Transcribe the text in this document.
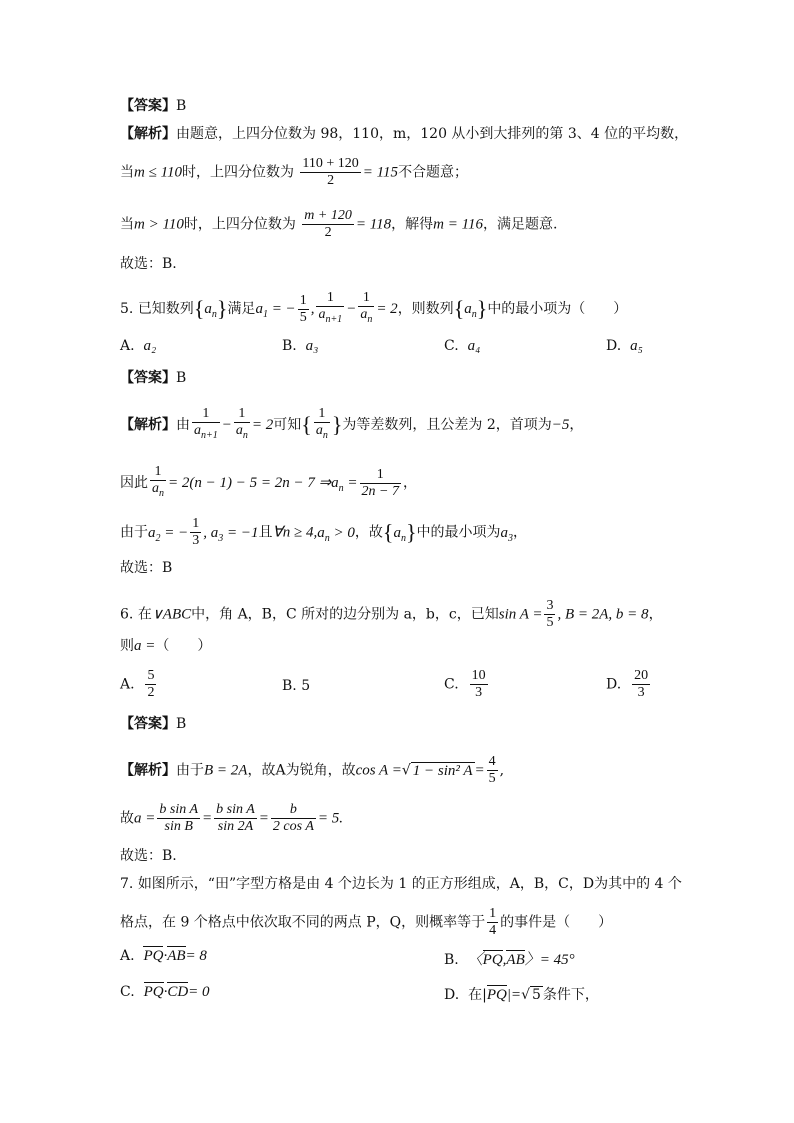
【答案】B
【解析】由题意，上四分位数为 98，110，m，120 从小到大排列的第 3、4 位的平均数，
当m ≤ 110时，上四分位数为 $\frac{110 + 120}{2} = 115$不合题意；
当m > 110时，上四分位数为 $\frac{m + 120}{2} = 118$，解得m = 116，满足题意.
故选：B.
5. 已知数列$\{a_n\}$满足$a_1$ = − $\frac{1}{5}$ , $\frac{1}{a_{n+1}} - \frac{1}{a_n} = 2$，则数列$\{a_n\}$中的最小项为（　　）
A. a₂	B. a₃	C. a₄	D. a₅
【答案】B
【解析】由 $\frac{1}{a_{n+1}} - \frac{1}{a_n} = 2$可知{ $\frac{1}{a_n}$ }为等差数列，且公差为 2，首项为−5，
因此 $\frac{1}{a_n} = 2(n - 1) - 5 = 2n - 7$ $\Rightarrow a_n = \frac{1}{2n - 7}$ ，
由于$a_2$ = − $\frac{1}{3}$ , $a_3 = -1$且∀n ≥ $4,a_n > 0$，故$\{a_n\}$中的最小项为$a_3$，
故选：B
6. 在∨ABC中，角 A，B，C 所对的边分别为 a，b，c，已知$\sin A = \frac{3}{5}$ , B = 2A, b = 8，
则a =（　　）
A. $\frac{5}{2}$	B. 5	C. $\frac{10}{3}$	D. $\frac{20}{3}$
【答案】B
【解析】由于B = 2A，故A为锐角，故cos A =√ 1 − sin² $A = \frac{4}{5}$ ,
故$a = \frac{\text{b sin A}}{\text{sin B}} = \frac{\text{b sin A}}{\sin 2A} = \frac{b}{\text{2 cos A}} = 5$.
故选：B.
7. 如图所示，“田”字型方格是由 4 个边长为 1 的正方形组成，A，B，C，D为其中的 4 个
格点，在 9 个格点中依次取不同的两点 P，Q，则概率等于 $\frac{1}{4}$ 的事件是（　　）
A. PQ·AB= 8	B. 〈PQ,AB〉= 45°
C. PQ·CD= 0	D. 在|PQ|=√ 5 条件下，
